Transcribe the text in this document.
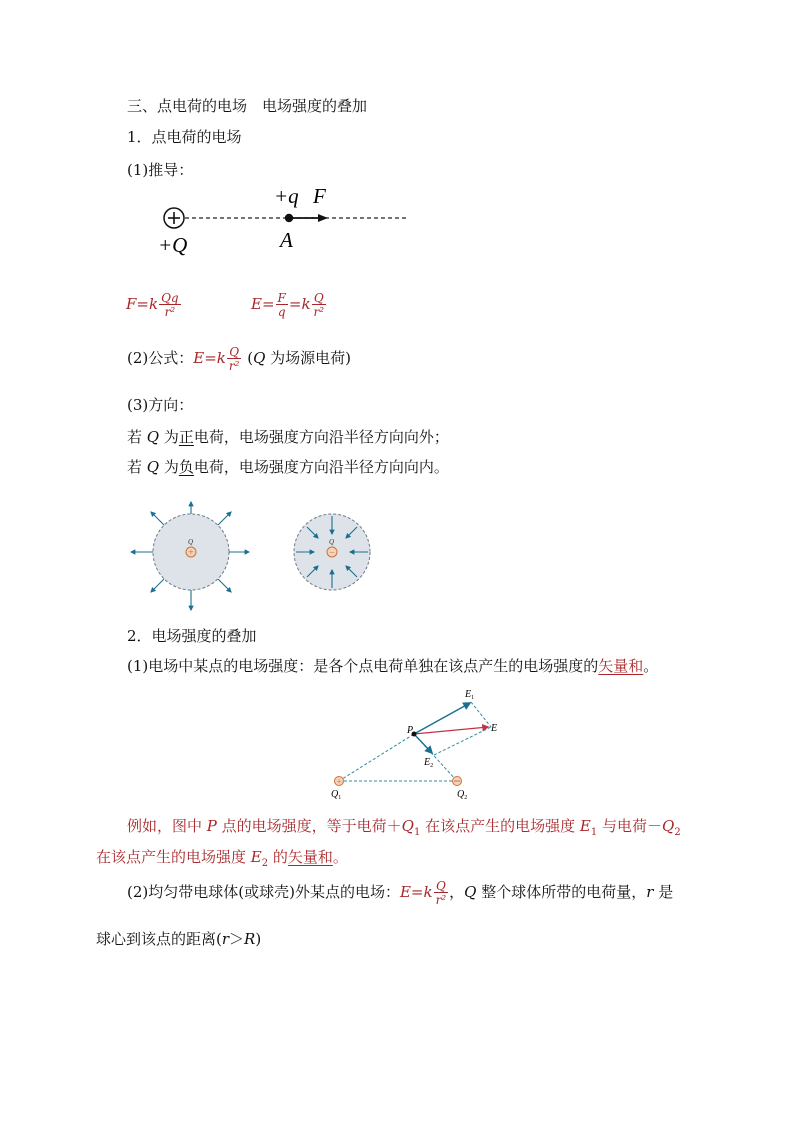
三、点电荷的电场　电场强度的叠加
1．点电荷的电场
(1)推导：
+Q
+q F
A
$F=k \frac{Qq}{\text{r²}}$	$E= \frac{F}{q} =k \frac{Q}{\text{r²}}$
(2)公式：$E=k \frac{Q}{\text{r²}} (Q$ 为场源电荷)
(3)方向：
若 Q 为正电荷，电场强度方向沿半径方向向外；
若 Q 为负电荷，电场强度方向沿半径方向向内。
+
Q
−
Q
2．电场强度的叠加
(1)电场中某点的电场强度：是各个点电荷单独在该点产生的电场强度的矢量和。
+
P	E
$E_1$
$E_2$
$Q_1$	$Q_2$
例如，图中 P 点的电场强度，等于电荷$+Q_1$ 在该点产生的电场强度 $E_1$ 与电荷$-Q_2$
在该点产生的电场强度 $E_2$ 的矢量和。
(2)均匀带电球体(或球壳)外某点的电场：$E=k \frac{Q}{\text{r²}}$ ，Q 整个球体所带的电荷量，r 是
球心到该点的距离(r＞R)
